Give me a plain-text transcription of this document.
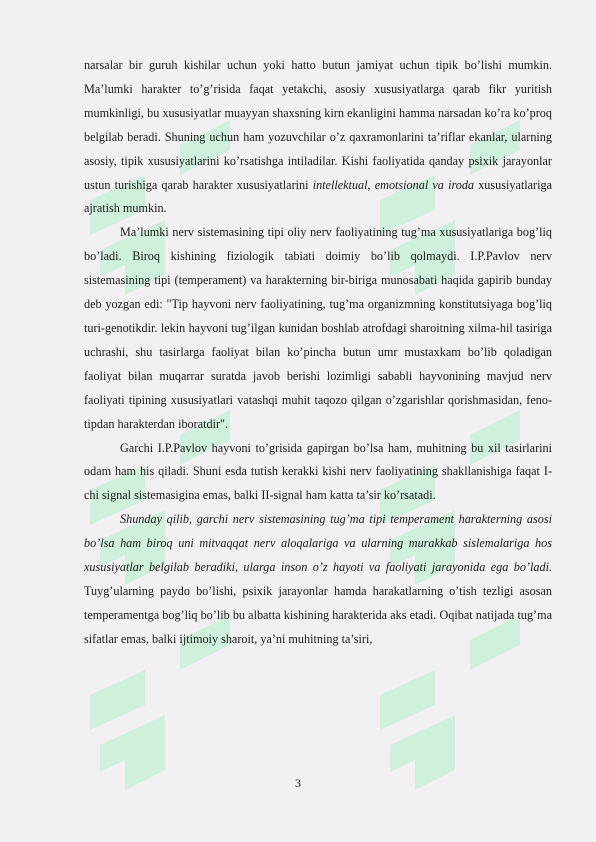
narsalar bir guruh kishilar uchun yoki hatto butun jamiyat uchun tipik bo’lishi mumkin. Ma’lumki harakter to’g’risida faqat yetakchi, asosiy xususiyatlarga qarab fikr yuritish mumkinligi, bu xususiyatlar muayyan shaxsning kirn ekanligini hamma narsadan ko’ra ko’proq belgilab beradi. Shuning uchun ham yozuvchilar o’z qaxramonlarini ta’riflar ekanlar, ularning asosiy, tipik xususiyatlarini ko’rsatishga intiladilar. Kishi faoliyatida qanday psixik jarayonlar ustun turishiga qarab harakter xususiyatlarini intellektual, emotsional va iroda xususiyatlariga ajratish mumkin.

Ma’lumki nerv sistemasining tipi oliy nerv faoliyatining tug’ma xususiyatlariga bog’liq bo’ladi. Biroq kishining fiziologik tabiati doimiy bo’lib qolmaydi. I.P.Pavlov nerv sistemasining tipi (temperament) va harakterning bir-biriga munosabati haqida gapirib bunday deb yozgan edi: "Tip hayvoni nerv faoliyatining, tug’ma organizmning konstitutsiyaga bog’liq turi-genotikdir. lekin hayvoni tug’ilgan kunidan boshlab atrofdagi sharoitning xilma-hil tasiriga uchrashi, shu tasirlarga faoliyat bilan ko’pincha butun umr mustaxkam bo’lib qoladigan faoliyat bilan muqarrar suratda javob berishi lozimligi sababli hayvonining mavjud nerv faoliyati tipining xususiyatlari vatashqi muhit taqozo qilgan o’zgarishlar qorishmasidan, feno-tipdan harakterdan iboratdir".

Garchi I.P.Pavlov hayvoni to’grisida gapirgan bo’lsa ham, muhitning bu xil tasirlarini odam ham his qiladi. Shuni esda tutish kerakki kishi nerv faoliyatining shakllanishiga faqat I-chi signal sistemasigina emas, balki II-signal ham katta ta’sir ko’rsatadi.

Shunday qilib, garchi nerv sistemasining tug’ma tipi temperament harakterning asosi bo’lsa ham biroq uni mitvaqqat nerv aloqalariga va ularning murakkab sislemalariga hos xususiyatlar belgilab beradiki, ularga inson o’z hayoti va faoliyati jarayonida ega bo’ladi. Tuyg’ularning paydo bo’lishi, psixik jarayonlar hamda harakatlarning o’tish tezligi asosan temperamentga bog’liq bo’lib bu albatta kishining harakterida aks etadi. Oqibat natijada tug’ma sifatlar emas, balki ijtimoiy sharoit, ya’ni muhitning ta’siri,

3
